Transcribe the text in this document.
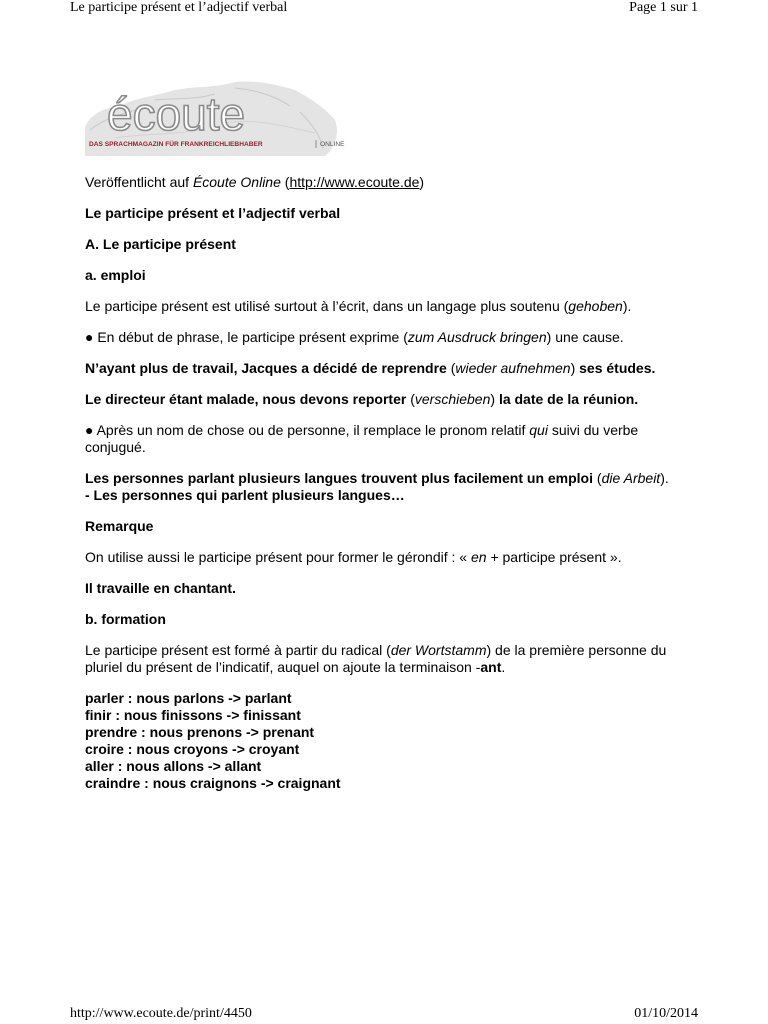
Le participe présent et l’adjectif verbal	Page 1 sur 1
écoute
DAS SPRACHMAGAZIN FÜR FRANKREICHLIEBHABER	ONLINE

Veröffentlicht auf Écoute Online (http://www.ecoute.de)

Le participe présent et l’adjectif verbal

A. Le participe présent

a. emploi

Le participe présent est utilisé surtout à l’écrit, dans un langage plus soutenu (gehoben).

● En début de phrase, le participe présent exprime (zum Ausdruck bringen) une cause.

N’ayant plus de travail, Jacques a décidé de reprendre (wieder aufnehmen) ses études.

Le directeur étant malade, nous devons reporter (verschieben) la date de la réunion.

● Après un nom de chose ou de personne, il remplace le pronom relatif qui suivi du verbe conjugué.

Les personnes parlant plusieurs langues trouvent plus facilement un emploi (die Arbeit).
- Les personnes qui parlent plusieurs langues…

Remarque

On utilise aussi le participe présent pour former le gérondif : « en + participe présent ».

Il travaille en chantant.

b. formation

Le participe présent est formé à partir du radical (der Wortstamm) de la première personne du pluriel du présent de l’indicatif, auquel on ajoute la terminaison -ant.

parler : nous parlons -> parlant
finir : nous finissons -> finissant
prendre : nous prenons -> prenant
croire : nous croyons -> croyant
aller : nous allons -> allant
craindre : nous craignons -> craignant
http://www.ecoute.de/print/4450	01/10/2014
